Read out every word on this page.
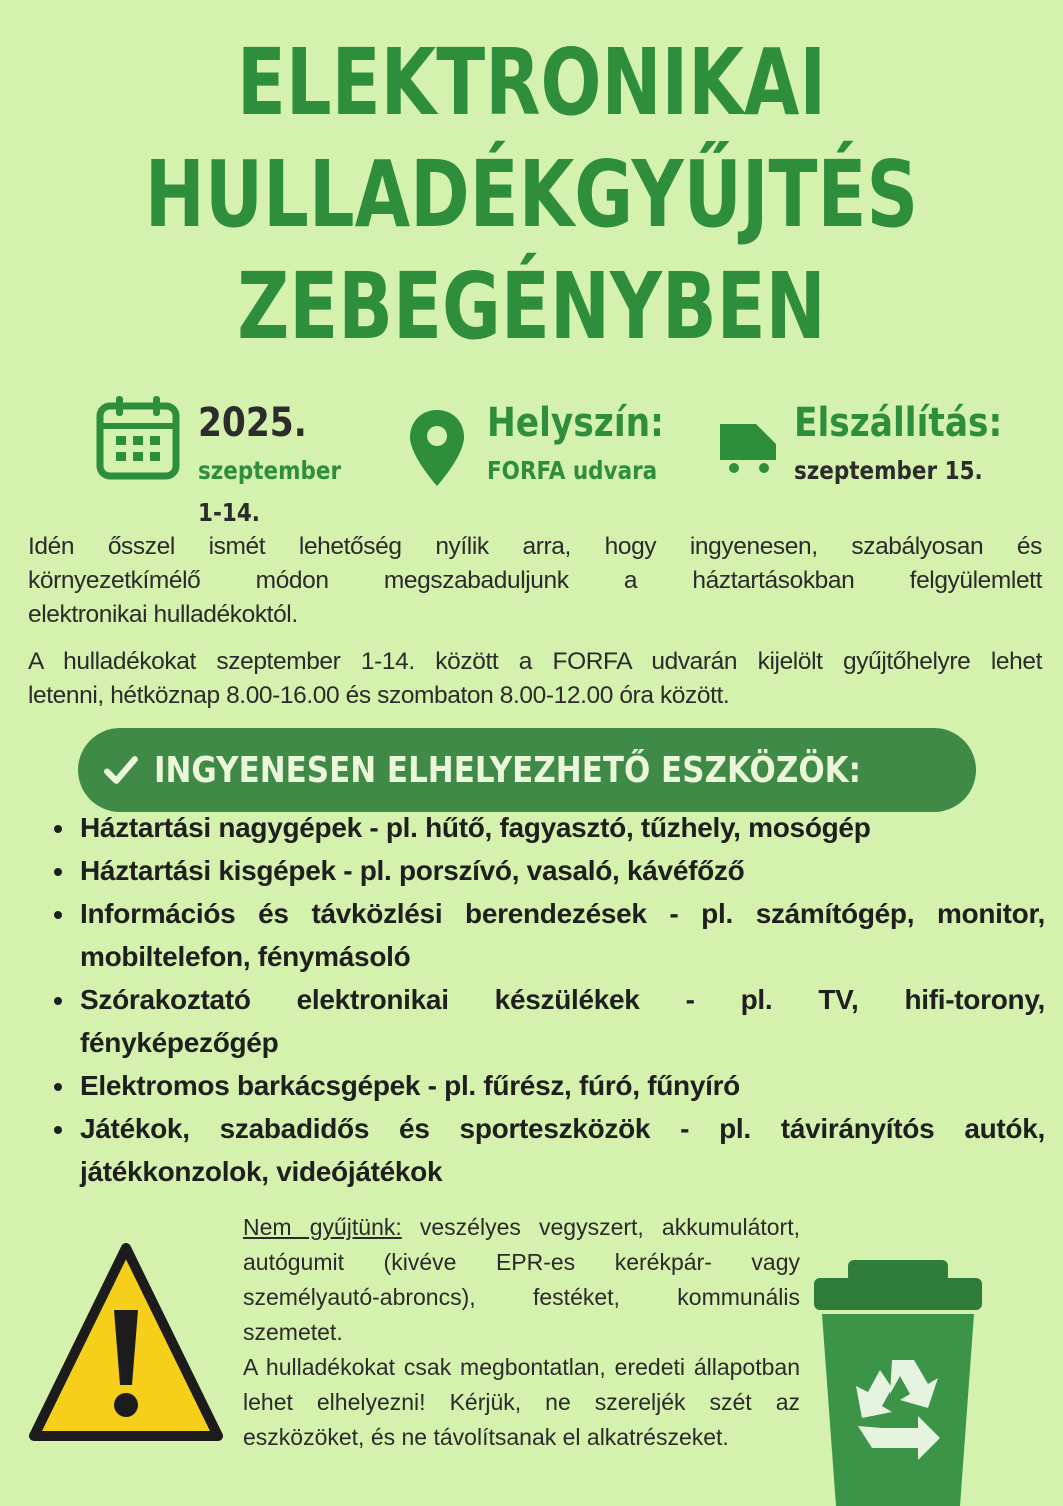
ELEKTRONIKAI
HULLADÉKGYŰJTÉS
ZEBEGÉNYBEN
2025.
szeptember
1-14.
Helyszín:
FORFA udvara
Elszállítás:
szeptember 15.
Idén ősszel ismét lehetőség nyílik arra, hogy ingyenesen, szabályosan és
környezetkímélő módon megszabaduljunk a háztartásokban felgyülemlett
elektronikai hulladékoktól.
A hulladékokat szeptember 1-14. között a FORFA udvarán kijelölt gyűjtőhelyre lehet
letenni, hétköznap 8.00-16.00 és szombaton 8.00-12.00 óra között.
INGYENESEN ELHELYEZHETŐ ESZKÖZÖK:
Háztartási nagygépek - pl. hűtő, fagyasztó, tűzhely, mosógép
Háztartási kisgépek - pl. porszívó, vasaló, kávéfőző
Információs és távközlési berendezések - pl. számítógép, monitor,
mobiltelefon, fénymásoló
Szórakoztató elektronikai készülékek - pl. TV, hifi-torony,
fényképezőgép
Elektromos barkácsgépek - pl. fűrész, fúró, fűnyíró
Játékok, szabadidős és sporteszközök - pl. távirányítós autók,
játékkonzolok, videójátékok
Nem gyűjtünk: veszélyes vegyszert, akkumulátort, autógumit (kivéve EPR-es kerékpár- vagy személyautó-abroncs), festéket, kommunális szemetet.
A hulladékokat csak megbontatlan, eredeti állapotban lehet elhelyezni! Kérjük, ne szereljék szét az eszközöket, és ne távolítsanak el alkatrészeket.
